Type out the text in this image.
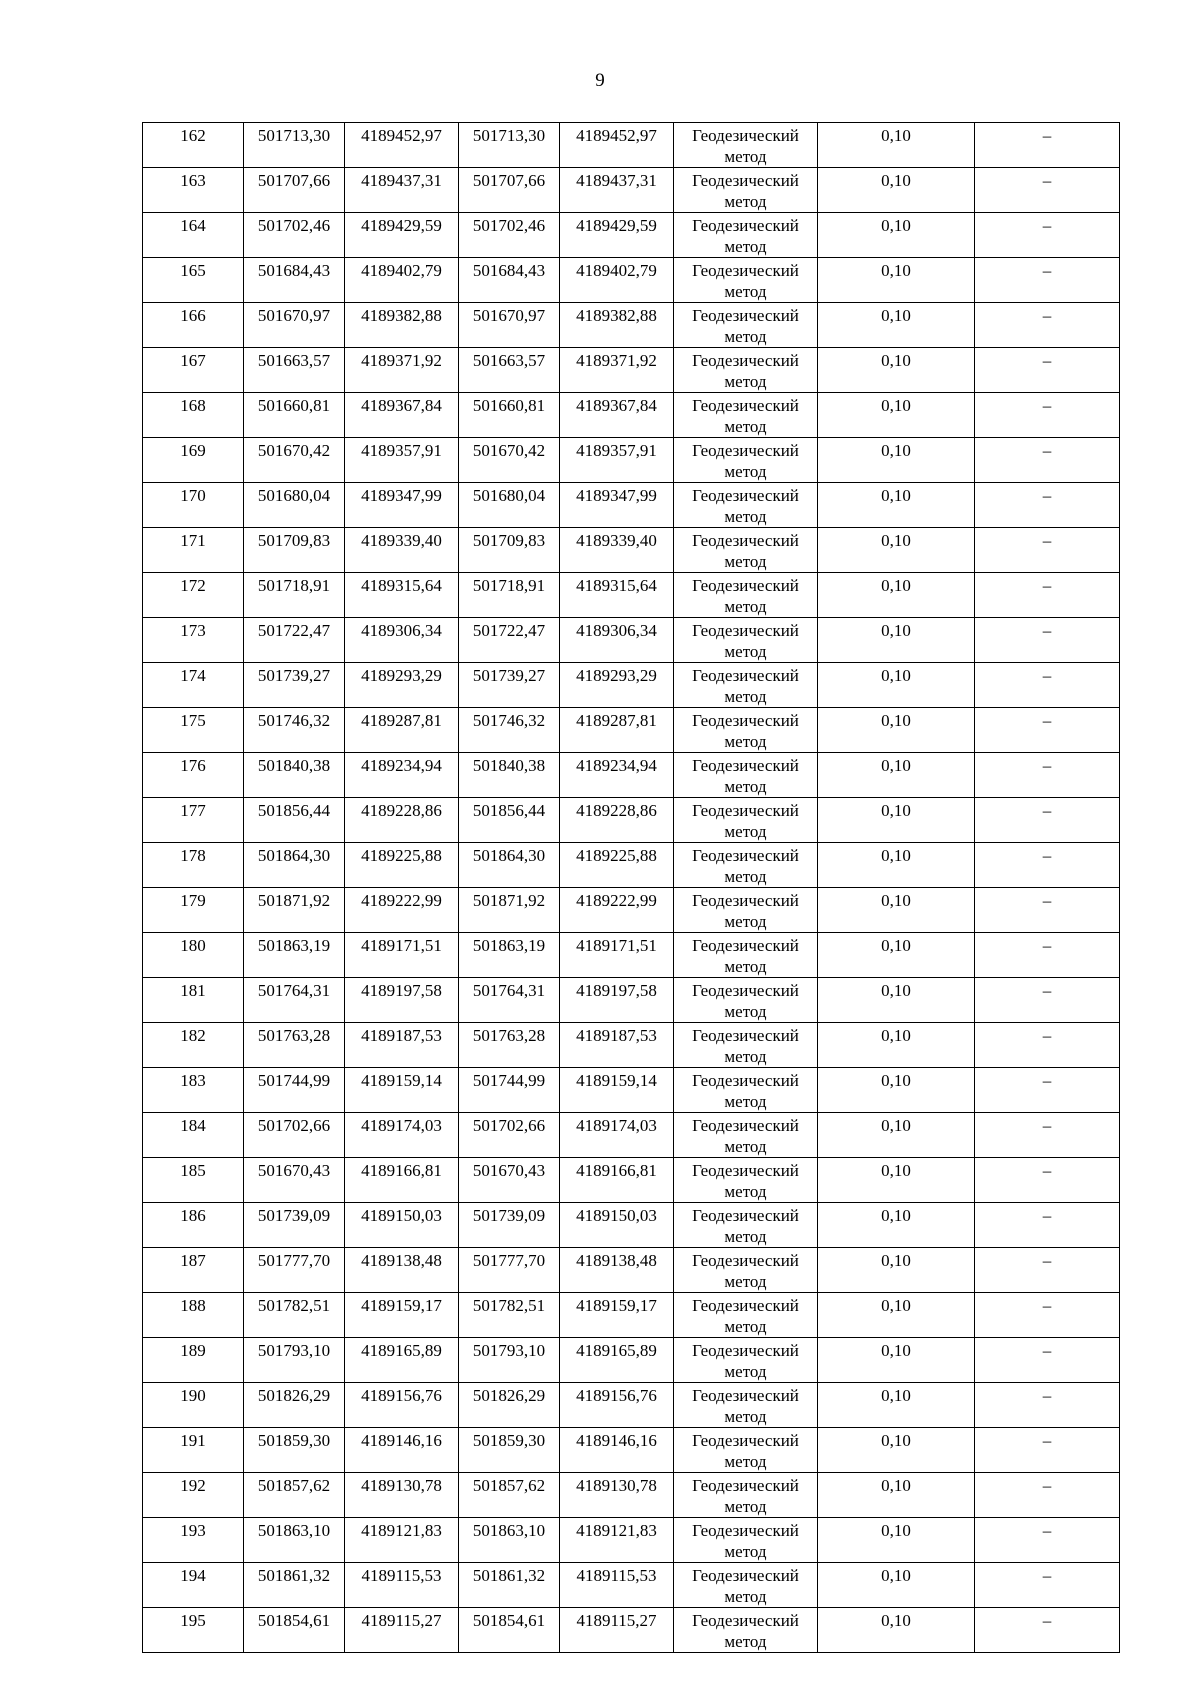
9
162	501713,30	4189452,97	501713,30	4189452,97	Геодезический
метод	0,10	–

163	501707,66	4189437,31	501707,66	4189437,31	Геодезический
метод	0,10	–

164	501702,46	4189429,59	501702,46	4189429,59	Геодезический
метод	0,10	–

165	501684,43	4189402,79	501684,43	4189402,79	Геодезический
метод	0,10	–

166	501670,97	4189382,88	501670,97	4189382,88	Геодезический
метод	0,10	–

167	501663,57	4189371,92	501663,57	4189371,92	Геодезический
метод	0,10	–

168	501660,81	4189367,84	501660,81	4189367,84	Геодезический
метод	0,10	–

169	501670,42	4189357,91	501670,42	4189357,91	Геодезический
метод	0,10	–

170	501680,04	4189347,99	501680,04	4189347,99	Геодезический
метод	0,10	–

171	501709,83	4189339,40	501709,83	4189339,40	Геодезический
метод	0,10	–

172	501718,91	4189315,64	501718,91	4189315,64	Геодезический
метод	0,10	–

173	501722,47	4189306,34	501722,47	4189306,34	Геодезический
метод	0,10	–

174	501739,27	4189293,29	501739,27	4189293,29	Геодезический
метод	0,10	–

175	501746,32	4189287,81	501746,32	4189287,81	Геодезический
метод	0,10	–

176	501840,38	4189234,94	501840,38	4189234,94	Геодезический
метод	0,10	–

177	501856,44	4189228,86	501856,44	4189228,86	Геодезический
метод	0,10	–

178	501864,30	4189225,88	501864,30	4189225,88	Геодезический
метод	0,10	–

179	501871,92	4189222,99	501871,92	4189222,99	Геодезический
метод	0,10	–

180	501863,19	4189171,51	501863,19	4189171,51	Геодезический
метод	0,10	–

181	501764,31	4189197,58	501764,31	4189197,58	Геодезический
метод	0,10	–

182	501763,28	4189187,53	501763,28	4189187,53	Геодезический
метод	0,10	–

183	501744,99	4189159,14	501744,99	4189159,14	Геодезический
метод	0,10	–

184	501702,66	4189174,03	501702,66	4189174,03	Геодезический
метод	0,10	–

185	501670,43	4189166,81	501670,43	4189166,81	Геодезический
метод	0,10	–

186	501739,09	4189150,03	501739,09	4189150,03	Геодезический
метод	0,10	–

187	501777,70	4189138,48	501777,70	4189138,48	Геодезический
метод	0,10	–

188	501782,51	4189159,17	501782,51	4189159,17	Геодезический
метод	0,10	–

189	501793,10	4189165,89	501793,10	4189165,89	Геодезический
метод	0,10	–

190	501826,29	4189156,76	501826,29	4189156,76	Геодезический
метод	0,10	–

191	501859,30	4189146,16	501859,30	4189146,16	Геодезический
метод	0,10	–

192	501857,62	4189130,78	501857,62	4189130,78	Геодезический
метод	0,10	–

193	501863,10	4189121,83	501863,10	4189121,83	Геодезический
метод	0,10	–

194	501861,32	4189115,53	501861,32	4189115,53	Геодезический
метод	0,10	–

195	501854,61	4189115,27	501854,61	4189115,27	Геодезический
метод	0,10	–
